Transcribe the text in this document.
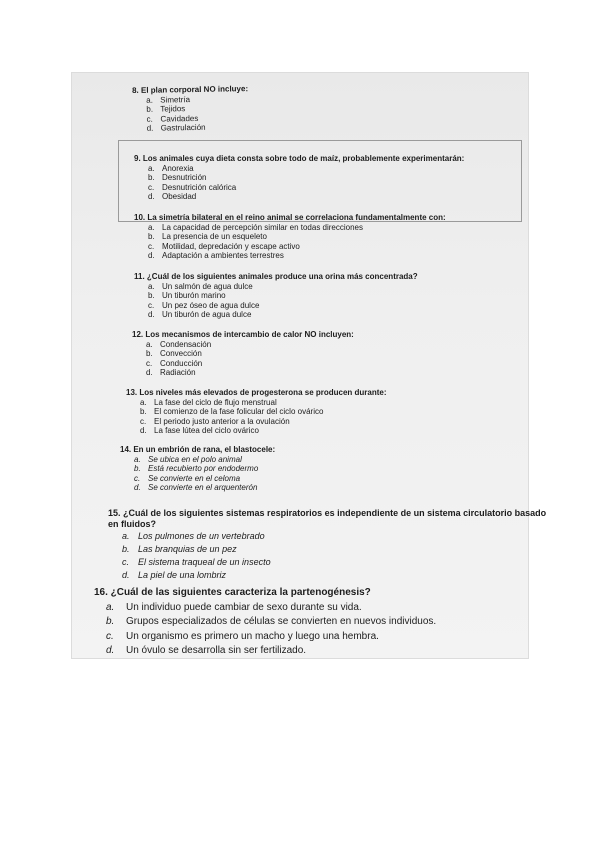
8. El plan corporal NO incluye:
a. Simetría
b. Tejidos
c. Cavidades
d. Gastrulación
9. Los animales cuya dieta consta sobre todo de maíz, probablemente experimentarán:
a. Anorexia
b. Desnutrición
c. Desnutrición calórica
d. Obesidad
10. La simetría bilateral en el reino animal se correlaciona fundamentalmente con:
a. La capacidad de percepción similar en todas direcciones
b. La presencia de un esqueleto
c. Motilidad, depredación y escape activo
d. Adaptación a ambientes terrestres
11. ¿Cuál de los siguientes animales produce una orina más concentrada?
a. Un salmón de agua dulce
b. Un tiburón marino
c. Un pez óseo de agua dulce
d. Un tiburón de agua dulce
12. Los mecanismos de intercambio de calor NO incluyen:
a. Condensación
b. Convección
c. Conducción
d. Radiación
13. Los niveles más elevados de progesterona se producen durante:
a. La fase del ciclo de flujo menstrual
b. El comienzo de la fase folicular del ciclo ovárico
c. El periodo justo anterior a la ovulación
d. La fase lútea del ciclo ovárico
14. En un embrión de rana, el blastocele:
a. Se ubica en el polo animal
b. Está recubierto por endodermo
c. Se convierte en el celoma
d. Se convierte en el arquenterón
15. ¿Cuál de los siguientes sistemas respiratorios es independiente de un sistema circulatorio basado en fluidos?
a. Los pulmones de un vertebrado
b. Las branquias de un pez
c. El sistema traqueal de un insecto
d. La piel de una lombriz
16. ¿Cuál de las siguientes caracteriza la partenogénesis?
a.	Un individuo puede cambiar de sexo durante su vida.
b.	Grupos especializados de células se convierten en nuevos individuos.
c.	Un organismo es primero un macho y luego una hembra.
d.	Un óvulo se desarrolla sin ser fertilizado.
